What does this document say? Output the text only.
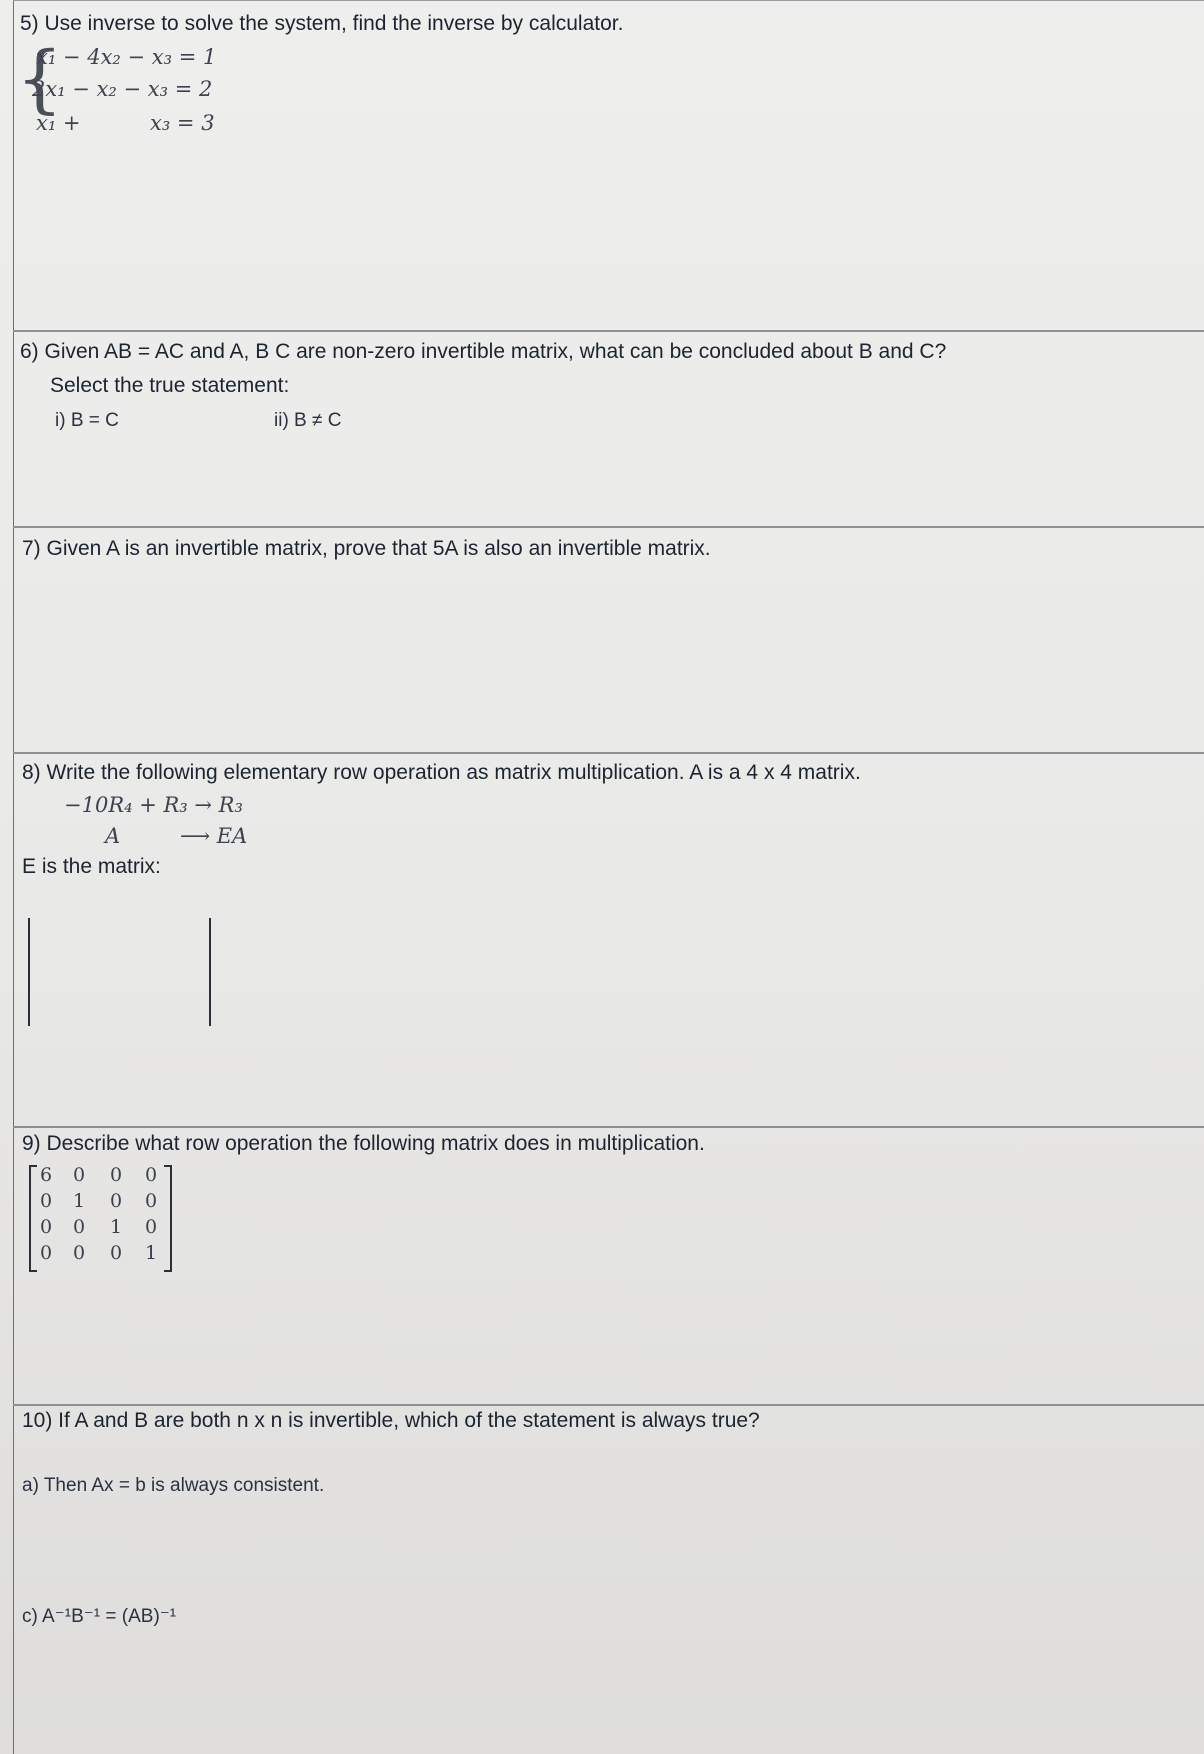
5) Use inverse to solve the system, find the inverse by calculator.
{
x₁ − 4x₂ − x₃ = 1
2x₁ − x₂ − x₃ = 2
x₁ +	x₃ = 3
6) Given AB = AC and A, B C are non-zero invertible matrix, what can be concluded about B and C?
Select the true statement:
i) B = C	ii) B ≠ C
7) Given A is an invertible matrix, prove that 5A is also an invertible matrix.
8) Write the following elementary row operation as matrix multiplication. A is a 4 x 4 matrix.
−10R₄ + R₃ → R₃
A	⟶ EA
E is the matrix:
9) Describe what row operation the following matrix does in multiplication.
6	0	0	0
0	1	0	0
0	0	1	0
0	0	0	1
10) If A and B are both n x n is invertible, which of the statement is always true?
a) Then Ax = b is always consistent.
c) A⁻¹B⁻¹ = (AB)⁻¹
